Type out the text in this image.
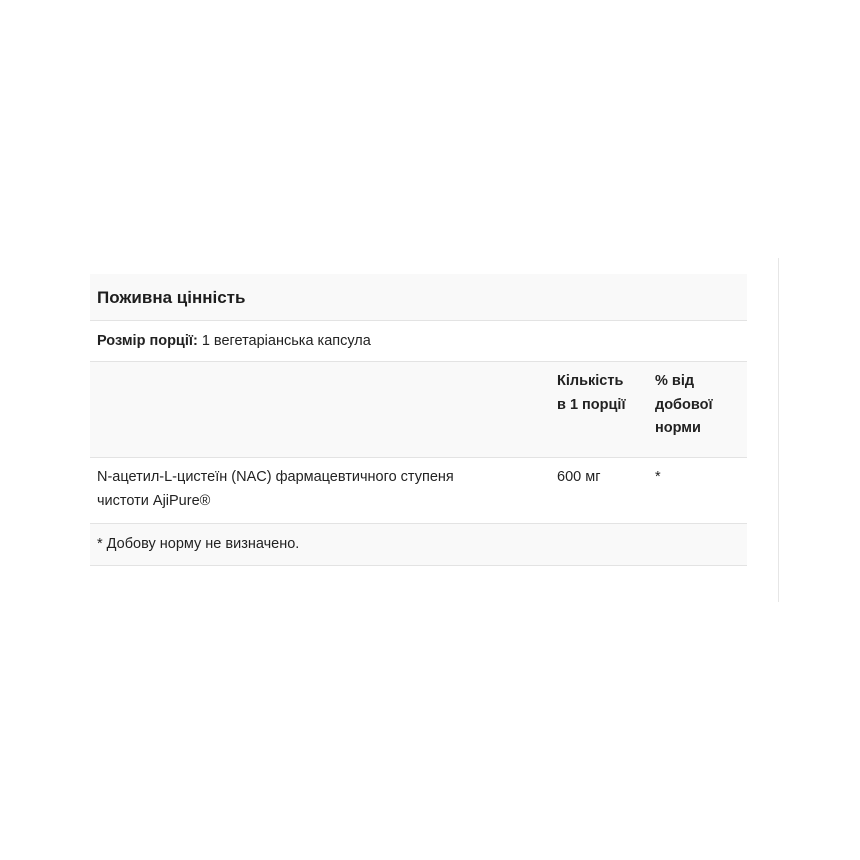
Поживна цінність
Розмір порції: 1 вегетаріанська капсула
Кількість
в 1 порції
% від
добової
норми
N-ацетил-L-цистеїн (NAC) фармацевтичного ступеня
чистоти AjiPure®
600 мг	*
* Добову норму не визначено.
